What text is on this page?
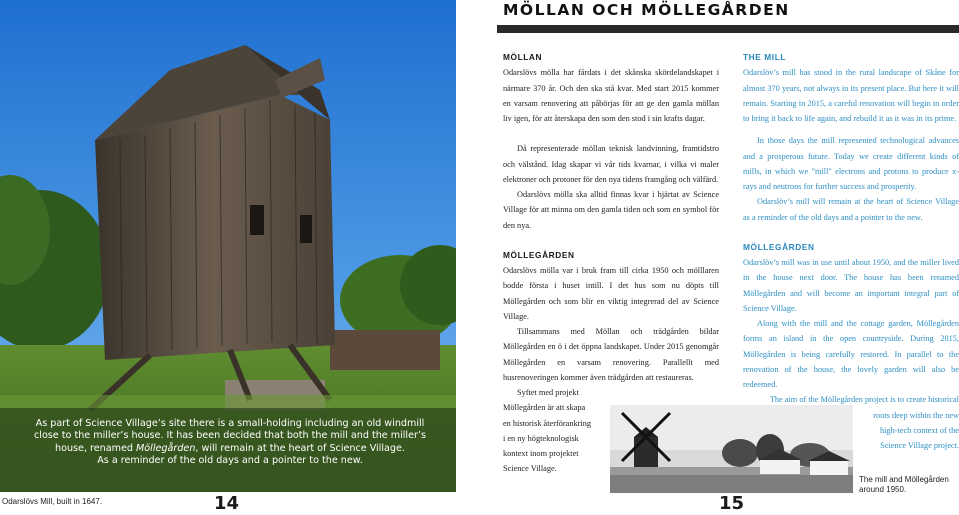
As part of Science Village’s site there is a small-holding including an old windmill
close to the miller’s house. It has been decided that both the mill and the miller’s
house, renamed Möllegården, will remain at the heart of Science Village.
As a reminder of the old days and a pointer to the new.

Odarslövs Mill, built in 1647.	14
MÖLLAN OCH MÖLLEGÅRDEN
MÖLLAN

Odarslövs mölla har fårdats i det skånska skördelandskapet i närmare 370 år. Och den ska stå kvar. Med start 2015 kommer en varsam renovering att påbörjas för att ge den gamla möllan liv igen, för att återskapa den som den stod i sin krafts dagar.

Då representerade möllan teknisk landvinning, framtidstro och välstånd. Idag skapar vi vår tids kvarnar, i vilka vi maler elektroner och protoner för den nya tidens framgång och välfärd.

Odarslövs mölla ska alltid finnas kvar i hjärtat av Science Village för att minna om den gamla tiden och som en symbol för den nya.

MÖLLEGÅRDEN

Odarslövs mölla var i bruk fram till cirka 1950 och mölllaren bodde första i huset intill. I det hus som nu döpts till Möllegården och som blir en viktig integrerad del av Science Village.

Tillsammans med Möllan och trädgården bildar Möllegården en ö i det öppna landskapet. Under 2015 genomgår Möllegården en varsam renovering. Parallellt med husrenoveringen kommer även trädgården att restaureras.

Syftet med projekt
Möllegården är att skapa
en historisk återförankring
i en ny högteknologisk
kontext inom projektet
Science Village.

THE MILL

Odarslöv’s mill has stood in the rural landscape of Skåne for almost 370 years, not always in its present place. But here it will remain. Starting in 2015, a careful renovation will begin in order to bring it back to life again, and rebuild it as it was in its prime.

In those days the mill represented technological advances and a prosperous future. Today we create different kinds of mills, in which we "mill" electrons and protons to produce x-rays and neutrons for further success and prosperity.

Odarslöv’s mill will remain at the heart of Science Village as a reminder of the old days and a pointer to the new.

MÖLLEGÅRDEN

Odarslöv’s mill was in use until about 1950, and the miller lived in the house next door. The house has been renamed Möllegården and will become an important integral part of Science Village.

Along with the mill and the cottage garden, Möllegården forms an island in the open countryside. During 2015, Möllegården is being carefully restored. In parallel to the renovation of the house, the lovely garden will also be redeemed.

The aim of the Möllegården project is to create historical

roots deep within the new
high-tech context of the
Science Village project.

The mill and Möllegården around 1950.
15
